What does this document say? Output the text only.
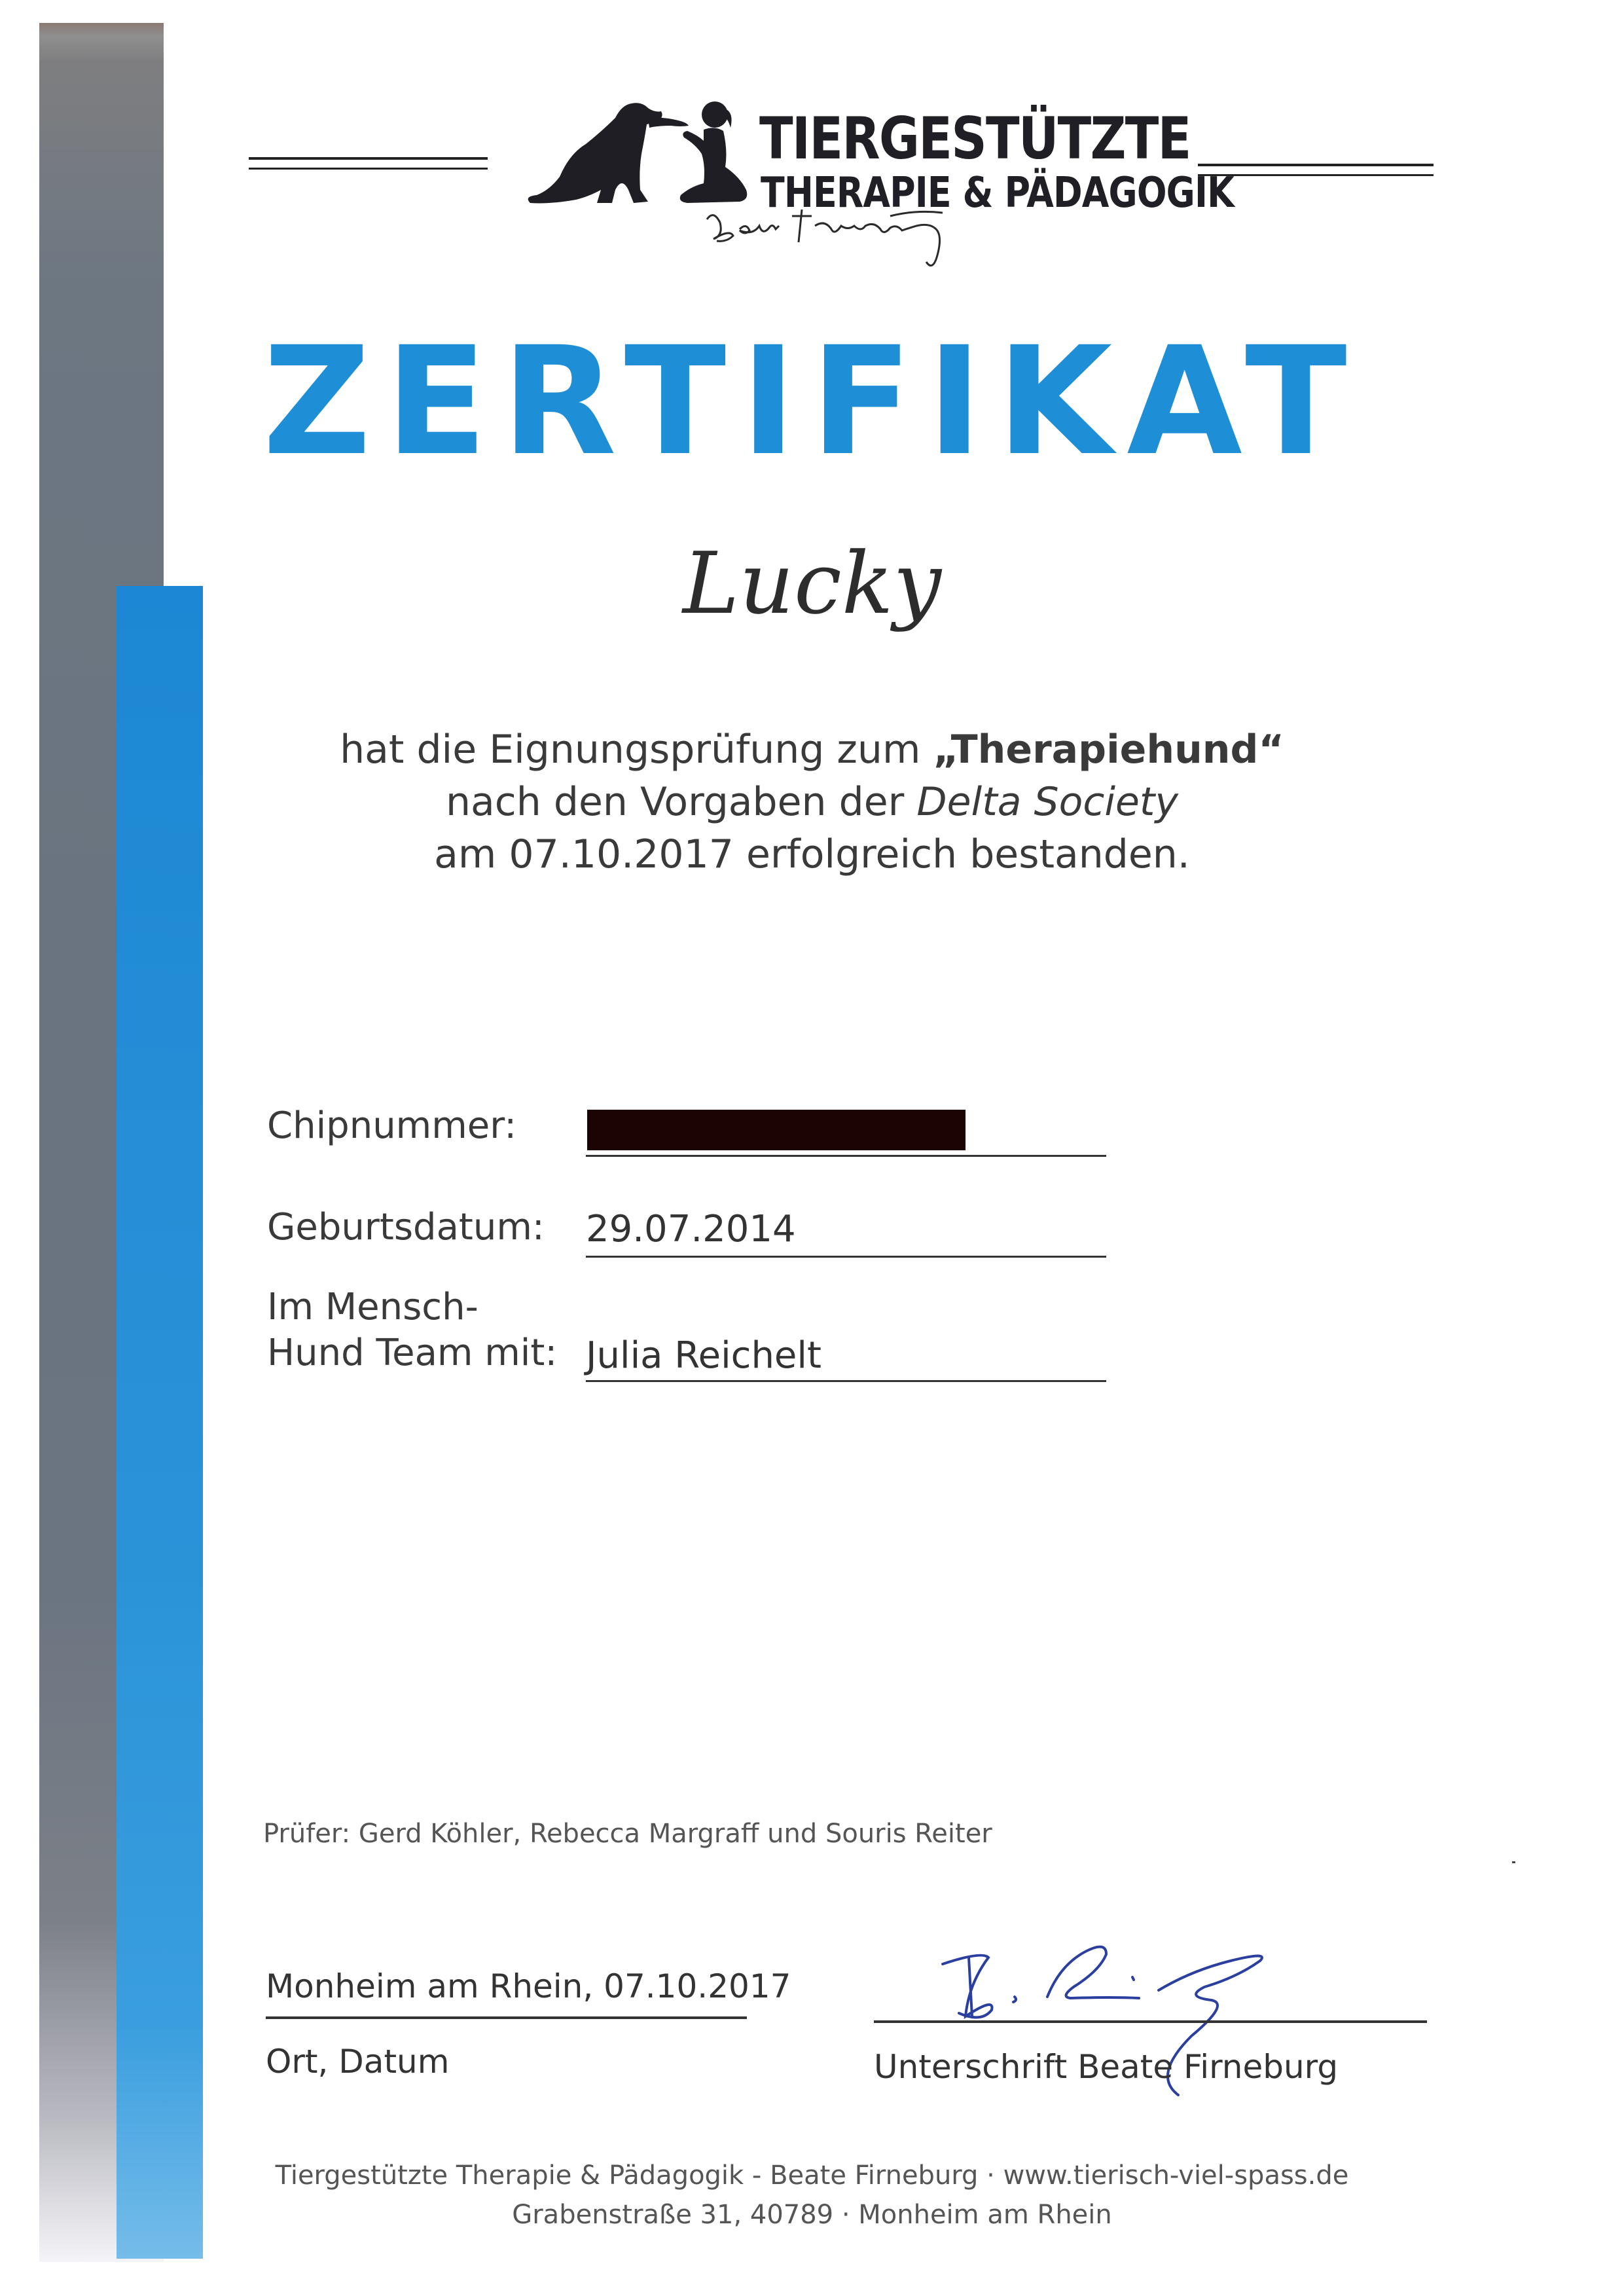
TIERGESTÜTZTE
THERAPIE & PÄDAGOGIK
ZERTIFIKAT
Lucky
hat die Eignungsprüfung zum „Therapiehund“
nach den Vorgaben der Delta Society
am 07.10.2017 erfolgreich bestanden.
Chipnummer:
Geburtsdatum: 29.07.2014
Im Mensch-
Hund Team mit: Julia Reichelt
Prüfer: Gerd Köhler, Rebecca Margraff und Souris Reiter
Monheim am Rhein, 07.10.2017
Ort, Datum	Unterschrift Beate Firneburg
Tiergestützte Therapie & Pädagogik - Beate Firneburg · www.tierisch-viel-spass.de
Grabenstraße 31, 40789 · Monheim am Rhein
